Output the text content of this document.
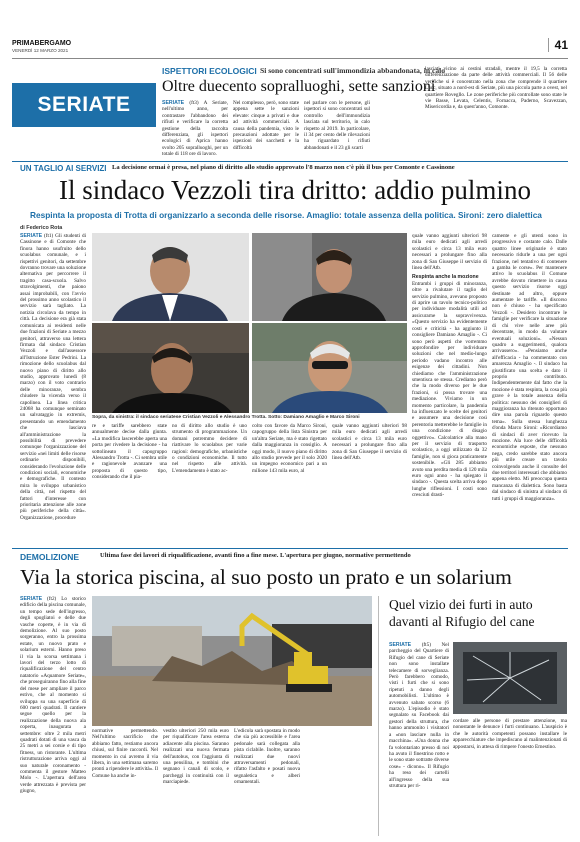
PRIMABERGAMO
VENERDÌ 12 MARZO 2021	41
SERIATE
ISPETTORI ECOLOGICI Si sono concentrati sull'immondizia abbandonata, in calo
Oltre duecento sopralluoghi, sette sanzioni
SERIATE (ft3) A Seriate, nell'ultimo anno, per contrastare l'abbandono dei rifiuti e verificare la corretta gestione della raccolta differenziata, gli ispettori ecologici di Aprica hanno svolto 205 sopralluoghi, per un totale di 118 ore di lavoro.
Nel complesso, però, sono state appena sette le sanzioni elevate: cinque a privati e due ad attività commerciali. A causa della pandemia, visto le precauzioni adottate per le ispezioni dei sacchetti e la difficoltà
nel parlare con le persone, gli ispettori si sono concentrati sul controllo dell'immondizia lasciata sul territorio, in calo rispetto al 2019. In particolare, il 34 per cento delle rilevazioni ha riguardato i rifiuti abbandonati e il 23 gli scarti
lasciati vicino ai cestini stradali, mentre il 19,5 la corretta differenziazione da parte delle attività commerciali. Il 56 delle verifiche si è concentrato nella zona che comprende il quartiere Lucc, situato a nord-est di Seriate, più una piccola parte a ovest, nel quartiere Rovegllo. Le zone periferiche più controllate sono state le vie Basse, Levata, Celentis, Fornacca, Paderno, Scavezzan, Misericordia e, da quest'anno, Comonte.
UN TAGLIO AI SERVIZI La decisione ormai è presa, nel piano di diritto allo studio approvato l'8 marzo non c'è più il bus per Comonte e Cassinone
Il sindaco Vezzoli tira dritto: addio pulmino
Respinta la proposta di Trotta di organizzarlo a seconda delle risorse. Amaglio: totale assenza della politica. Sironi: zero dialettica
di Federico Rota
SERIATE (ft1) Gli studenti di Cassinone e di Comonte che finora hanno usufruito dello scuolabus comunale, e i rispettivi genitori, da settembre dovranno trovare una soluzione alternativa per percorrere il tragitto casa-scuola. Salvo stravolgimenti, che paiono assai improbabili, con l'avvio del prossimo anno scolastico il servizio sarà tagliato. La notizia circolava da tempo in città. La decisione era già stata comunicata ai residenti nelle due frazioni di Seriate a mezzo genitori, attraverso una lettera firmata dal sindaco Cristian Vezzoli e dall'assessore all'Istruzione Ester Pedrini. La rimozione dello scuolabus dal nuovo piano di diritto allo studio, approvato lunedì (8 marzo) con il voto contrario delle minoranze, sembra chiudere la vicenda verso il capolinea. La linea critica 24068 ha comunque seminato un salvataggio in extremis, presentando un emendamento che lasciava all'amministrazione la possibilità di prevedere comunque l'organizzazione del servizio «nei limiti delle risorse ordinarie disponibili, considerando l'evoluzione delle condizioni sociali, economiche e demografiche. Il contesto mira lo sviluppo urbanistico della città, nel rispetto del fattori d'interesse con prioritaria attenzione alle zone più periferiche della città». Organizzazione, procedure
Sopra, da sinistra: il sindaco seriatese Cristian Vezzoli e Alessandro Trotta. Sotto: Damiano Amaglio e Marco Sironi
re e tariffe sarebbero state annualmente decise dalla giunta. «La modifica lascerebbe aperta una porta per rivedere la decisione - ha sottolineato il capogruppo Alessandro Trotta -. Ci sembra utile e ragionevole avanzare una proposta di questo tipo, considerando che il pia-
no di diritto allo studio è uno strumento di programmazione. Un domani potremmo decidere di riattivare lo scuolabus per varie ragioni: demografiche, urbanistiche o condizioni economiche. Il tutto nel rispetto alle attività. L'emendamento è stato ac-
colto con favore da Marco Sironi, capogruppo della lista Sinistra per un'altra Seriate, ma è stato rigettato dalla maggioranza in consiglio. A oggi modo, il nuovo piano di diritto allo studio prevede per il solo 2020 un impegno economico pari a un milione 143 mila euro, al
quale vanno aggiunti ulteriori 98 mila euro dedicati agli arredi scolastici e circa 13 mila euro necessari a prolungare fino alla zona di San Giuseppe il servizio di linea dell'Atb.
quale vanno aggiunti ulteriori 98 mila euro dedicati agli arredi scolastici e circa 13 mila euro necessari a prolungare fino alla zona di San Giuseppe il servizio di linea dell'Atb.
Respinta anche la mozione
Entrambi i gruppi di minoranza, oltre a rivalutare il taglio del servizio pulmino, avevano proposto di aprire un tavolo tecnico-politico per individuare modalità utili ad assicurarne la sopravvivenza. «Questo servizio ha evidentemente costi e criticità - ha aggiunto il consigliere Damiano Amaglio -. Ci sono però aspetti che vorremmo approfondire per individuare soluzioni che nel medio-lungo periodo vadano incontro alle esigenze dei cittadini. Non chiediamo che l'amministrazione smentisca se stessa. Crediamo però che la modo diverso per le due frazioni, si possa trovare una mediazione. Viviamo in un momento particolare, la pandemia ha influenzato le scelte dei genitori e assumere una decisione così perentoria metterebbe le famiglie in una condizione di disagio oggettivo». Calcolatrice alla mano per il servizio di trasporto scolastico, a oggi utilizzato da 32 famiglie, non si gioca praticamente sostenibile. «Gli 285 abbiamo avuto una perdita media di 120 mila euro ogni anno - ha spiegato il sindaco -. Questa scelta arriva dopo lunghe riflessioni. I costi sono cresciuti drasti-
camente e gli utenti sono in progressivo e costante calo. Dalle quattro linee originarie è stato necessario ridurle a una per ogni frazione, nel tentativo di contenere a gamba le corse». Per mantenere attivo lo scuolabus il Comune avrebbe dovuto rimettere in causa questo servizio risorse oggi destinate ad altro, oppure aumentare le tariffe. «Il discorso non è chiuso - ha specificato Vezzoli -. Desidero incontrare le famiglie per verificare la situazione di chi vive nelle aree più decentrate, in modo da valutare eventuali soluzioni». «Nessun quadro a suggerimenti, qualora arrivassero». «Pensiamo anche all'efficacia - ha commentato con amarezza Amaglio -. Il sindaco ha giustificato una scelta e dato il proprio contributo. Indipendentemente dal fatto che la mozione è stata respinta, la cosa più grave è la totale assenza della politica: nessuno dei consiglieri di maggioranza ha ritenuto opportuno dire una parola riguardo questo tema». Sulla stessa lunghezza d'onda Marco Sironi: «Ricordiamo di sindaci di aver ricevuto la mozione. Ala luce delle difficoltà economiche esposte, che nessuno nega, credo sarebbe stato ancora più utile creare un tavolo coinvolgendo anche il consulte del due territori interessati che abbiamo appena eletto. Mi preoccupa questa mancanza di dialettica. Sono basta dal sindaco di sinistra al sindaco di tutti i gruppi di maggioranza».
DEMOLIZIONE	Ultima fase dei lavori di riqualificazione, avanti fino a fine mese. L'apertura per giugno, normative permettendo
Via la storica piscina, al suo posto un prato e un solarium
SERIATE (ft2) Lo storico edificio della piscina comunale, un tempo sede dell'ingresso, degli spogliatoi e delle due vasche coperte, è in via di demolizione. Al suo posto sorgeranno, entro la prossima estate, un nuovo prato e solarium esterni. Hanno preso il via la scorsa settimana i lavori del terzo lotto di riqualificazione del centro natatorio «Aquamore Seriate», che proseguiranno fino alla fine del mese per ampliare il parco estivo, che al momento si sviluppa su una superficie di 600 metri quadrati. Il cantiere segue quello per la realizzazione della nuova ala coperta, inaugurata a settembre: oltre 2 mila metri quadrati dotati di una vasca da 25 metri a sei corsie e di tipo fitness, un ristorante. L'ultima ristrutturazione arriva oggi al suo naturale coronamento - commenta il gestore Matteo Molo -. L'apertura dell'area verde attrezzata è prevista per giugno,
normative permettendo. Nell'ultimo sacrificio che abbiamo fatto, restiamo ancora chiusi, sul finire raccordi. Nel momento in cui avremo il via libera, in una settimana saremo pronti a ripendere le attività». Il Comune ha anche in-
vestito ulteriori 250 mila euro per riqualificare l'area esterna adiacente alla piscina. Saranno realizzati una nuova fermata dell'autobus, con l'aggiunta di una pensilina, e tombini che segnano i canali di scolo, e parcheggi in continuità con il marciapiede.
L'edicola sarà spostata in modo che sia più accessibile e l'area pedonale sarà collegata alla pista ciclabile. Inoltre, saranno realizzati due nuovi attraversamenti pedonali, rifatto l'asfalto e posati nuova segnaletica e alberi ornamentali.
Quel vizio dei furti in auto davanti al Rifugio del cane
SERIATE (ft5) Nel parcheggio del Quartiere di Rifugio del cane di Seriate non sono installate telecamere di sorveglianza. Però farebbero comodo, visti i furti che si sono ripetuti a danno degli automobilisti. L'ultimo è avvenuto sabato scorso (6 marzo). L'episodio è stato segnalato su Facebook dai gestori della struttura, che hanno ammonito i visitatori a «non lasciare nulla in macchina». «Una donna che fa volontariato presso di noi ha avuto il finestrino rotto e le sono state sottratte diverse cose» - dicono». Il Rifugio ha reso dei cartelli all'ingresso della sua struttura per ri-
cordare alle persone di prestare attenzione, ma nonostante le denunce i furti continuano. L'auspicio è che le autorità competenti possano installare le apparecchiature che impediscano al malintenzionati di appostarsi, in attesa di rimpere l'onesto Ernestino.
